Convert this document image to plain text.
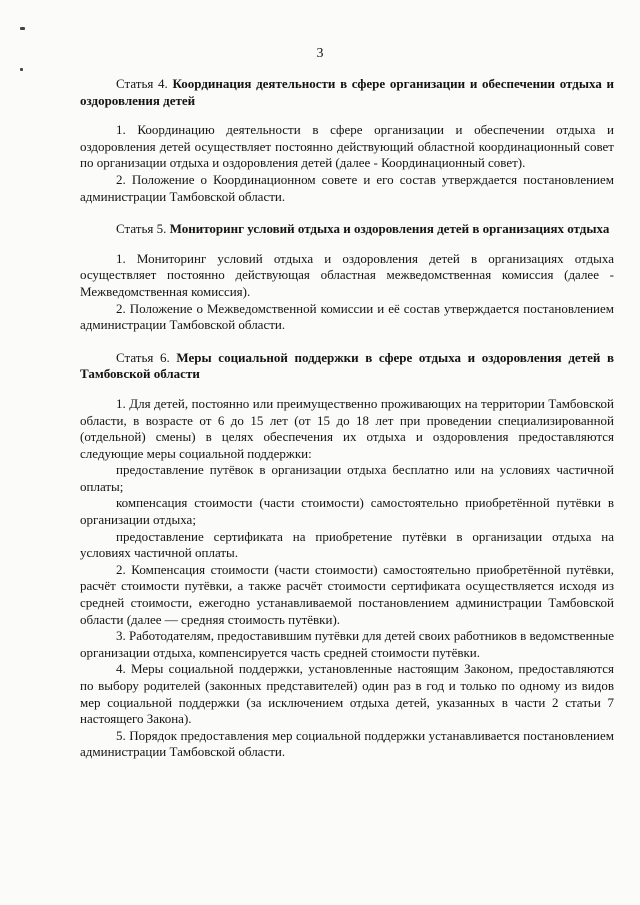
3
Статья 4. Координация деятельности в сфере организации и обеспечении отдыха и оздоровления детей

1. Координацию деятельности в сфере организации и обеспечении отдыха и оздоровления детей осуществляет постоянно действующий областной координационный совет по организации отдыха и оздоровления детей (далее - Координационный совет).

2. Положение о Координационном совете и его состав утверждается постановлением администрации Тамбовской области.

Статья 5. Мониторинг условий отдыха и оздоровления детей в организациях отдыха

1. Мониторинг условий отдыха и оздоровления детей в организациях отдыха осуществляет постоянно действующая областная межведомственная комиссия (далее - Межведомственная комиссия).

2. Положение о Межведомственной комиссии и её состав утверждается постановлением администрации Тамбовской области.

Статья 6. Меры социальной поддержки в сфере отдыха и оздоровления детей в Тамбовской области

1. Для детей, постоянно или преимущественно проживающих на территории Тамбовской области, в возрасте от 6 до 15 лет (от 15 до 18 лет при проведении специализированной (отдельной) смены) в целях обеспечения их отдыха и оздоровления предоставляются следующие меры социальной поддержки:

предоставление путёвок в организации отдыха бесплатно или на условиях частичной оплаты;

компенсация стоимости (части стоимости) самостоятельно приобретённой путёвки в организации отдыха;

предоставление сертификата на приобретение путёвки в организации отдыха на условиях частичной оплаты.

2. Компенсация стоимости (части стоимости) самостоятельно приобретённой путёвки, расчёт стоимости путёвки, а также расчёт стоимости сертификата осуществляется исходя из средней стоимости, ежегодно устанавливаемой постановлением администрации Тамбовской области (далее — средняя стоимость путёвки).

3. Работодателям, предоставившим путёвки для детей своих работников в ведомственные организации отдыха, компенсируется часть средней стоимости путёвки.

4. Меры социальной поддержки, установленные настоящим Законом, предоставляются по выбору родителей (законных представителей) один раз в год и только по одному из видов мер социальной поддержки (за исключением отдыха детей, указанных в части 2 статьи 7 настоящего Закона).

5. Порядок предоставления мер социальной поддержки устанавливается постановлением администрации Тамбовской области.
